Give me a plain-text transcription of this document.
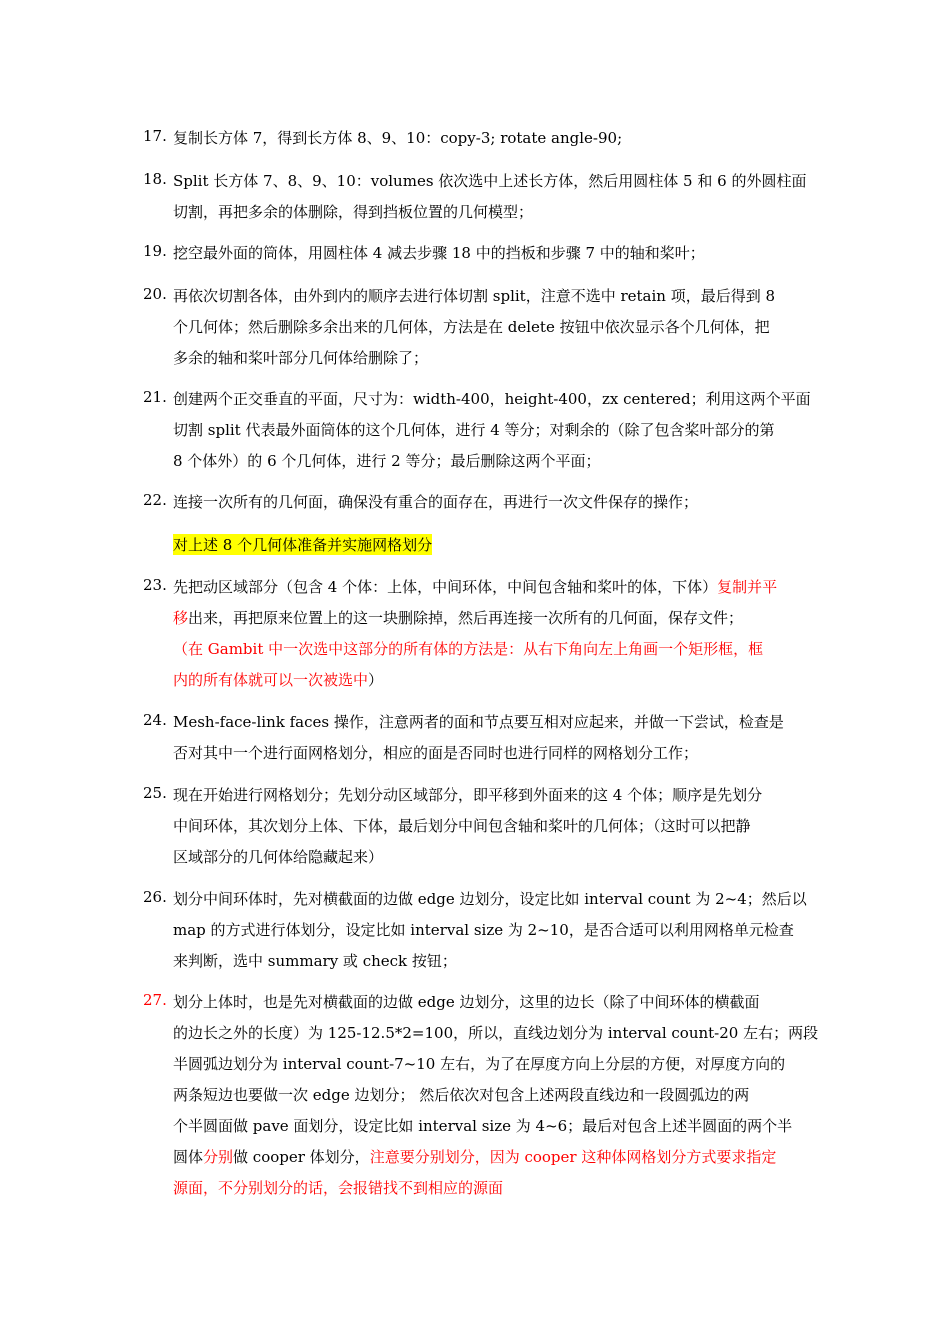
17. 复制长方体 7，得到长方体 8、9、10：copy-3; rotate angle-90;
18. Split 长方体 7、8、9、10：volumes 依次选中上述长方体，然后用圆柱体 5 和 6 的外圆柱面
切割，再把多余的体删除，得到挡板位置的几何模型；
19. 挖空最外面的筒体，用圆柱体 4 减去步骤 18 中的挡板和步骤 7 中的轴和桨叶；
20. 再依次切割各体，由外到内的顺序去进行体切割 split，注意不选中 retain 项，最后得到 8
个几何体；然后删除多余出来的几何体，方法是在 delete 按钮中依次显示各个几何体，把
多余的轴和桨叶部分几何体给删除了；
21. 创建两个正交垂直的平面，尺寸为：width-400，height-400，zx centered；利用这两个平面
切割 split 代表最外面筒体的这个几何体，进行 4 等分；对剩余的（除了包含桨叶部分的第
8 个体外）的 6 个几何体，进行 2 等分；最后删除这两个平面；
22. 连接一次所有的几何面，确保没有重合的面存在，再进行一次文件保存的操作；
对上述 8 个几何体准备并实施网格划分
23. 先把动区域部分（包含 4 个体：上体，中间环体，中间包含轴和桨叶的体，下体）复制并平
移出来，再把原来位置上的这一块删除掉，然后再连接一次所有的几何面，保存文件；
（在 Gambit 中一次选中这部分的所有体的方法是：从右下角向左上角画一个矩形框，框
内的所有体就可以一次被选中）
24. Mesh-face-link faces 操作，注意两者的面和节点要互相对应起来，并做一下尝试，检查是
否对其中一个进行面网格划分，相应的面是否同时也进行同样的网格划分工作；
25. 现在开始进行网格划分；先划分动区域部分，即平移到外面来的这 4 个体；顺序是先划分
中间环体，其次划分上体、下体，最后划分中间包含轴和桨叶的几何体；（这时可以把静
区域部分的几何体给隐藏起来）
26. 划分中间环体时，先对横截面的边做 edge 边划分，设定比如 interval count 为 2~4；然后以
map 的方式进行体划分，设定比如 interval size 为 2~10，是否合适可以利用网格单元检查
来判断，选中 summary 或 check 按钮；
27. 划分上体时，也是先对横截面的边做 edge 边划分，这里的边长（除了中间环体的横截面
的边长之外的长度）为 125-12.5*2=100，所以，直线边划分为 interval count-20 左右；两段
半圆弧边划分为 interval count-7~10 左右，为了在厚度方向上分层的方便，对厚度方向的
两条短边也要做一次 edge 边划分； 然后依次对包含上述两段直线边和一段圆弧边的两
个半圆面做 pave 面划分，设定比如 interval size 为 4~6；最后对包含上述半圆面的两个半
圆体分别做 cooper 体划分，注意要分别划分，因为 cooper 这种体网格划分方式要求指定
源面，不分别划分的话，会报错找不到相应的源面
